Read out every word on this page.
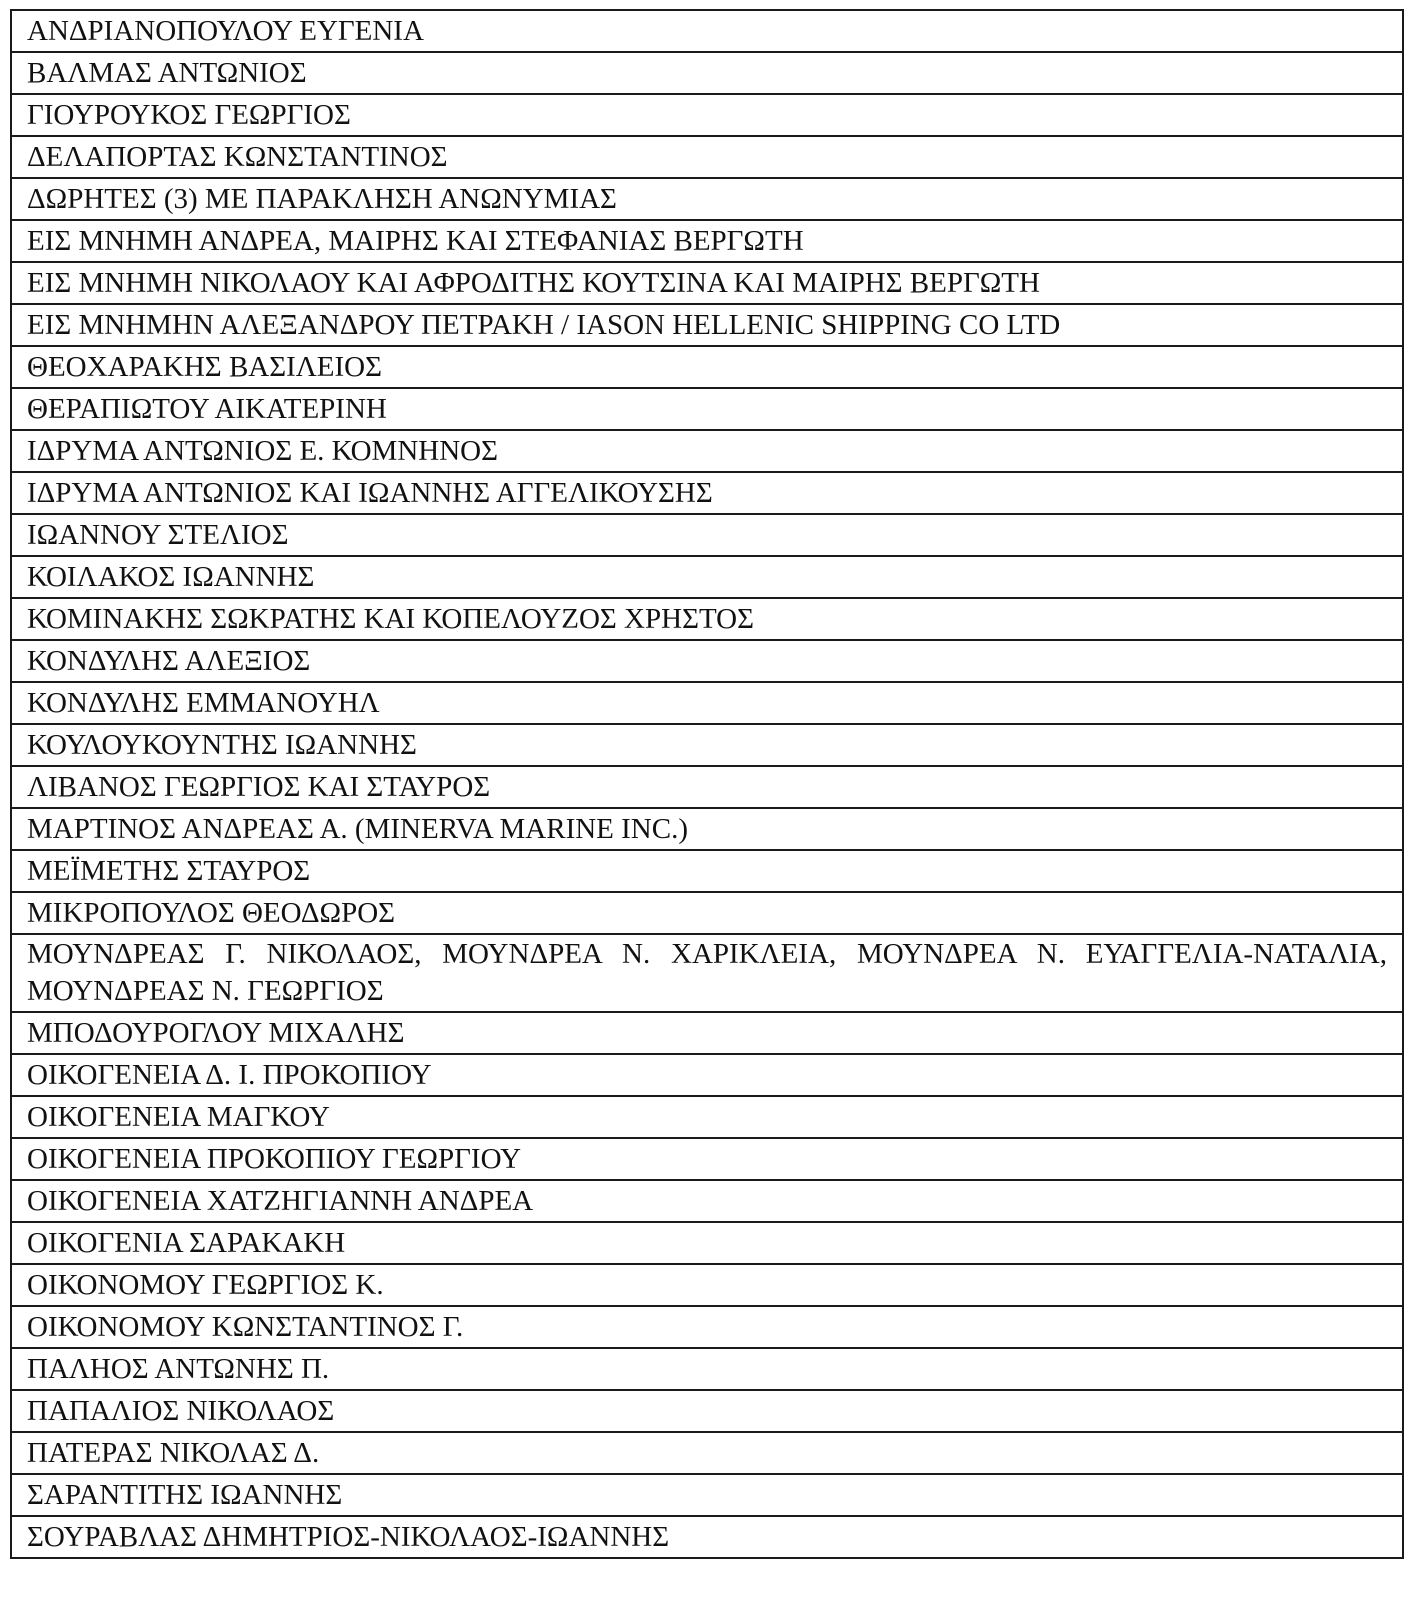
ΑΝΔΡΙΑΝΟΠΟΥΛΟΥ ΕΥΓΕΝΙΑ
ΒΑΛΜΑΣ ΑΝΤΩΝΙΟΣ
ΓΙΟΥΡΟΥΚΟΣ ΓΕΩΡΓΙΟΣ
ΔΕΛΑΠΟΡΤΑΣ ΚΩΝΣΤΑΝΤΙΝΟΣ
ΔΩΡΗΤΕΣ (3) ΜΕ ΠΑΡΑΚΛΗΣΗ ΑΝΩΝΥΜΙΑΣ
ΕΙΣ ΜΝΗΜΗ ΑΝΔΡΕΑ, ΜΑΙΡΗΣ ΚΑΙ ΣΤΕΦΑΝΙΑΣ ΒΕΡΓΩΤΗ
ΕΙΣ ΜΝΗΜΗ ΝΙΚΟΛΑΟΥ ΚΑΙ ΑΦΡΟΔΙΤΗΣ ΚΟΥΤΣΙΝΑ ΚΑΙ ΜΑΙΡΗΣ ΒΕΡΓΩΤΗ
ΕΙΣ ΜΝΗΜΗΝ ΑΛΕΞΑΝΔΡΟΥ ΠΕΤΡΑΚΗ / IASON HELLENIC SHIPPING CO LTD
ΘΕΟΧΑΡΑΚΗΣ ΒΑΣΙΛΕΙΟΣ
ΘΕΡΑΠΙΩΤΟΥ ΑΙΚΑΤΕΡΙΝΗ
ΙΔΡΥΜΑ ΑΝΤΩΝΙΟΣ Ε. ΚΟΜΝΗΝΟΣ
ΙΔΡΥΜΑ ΑΝΤΩΝΙΟΣ ΚΑΙ ΙΩΑΝΝΗΣ ΑΓΓΕΛΙΚΟΥΣΗΣ
ΙΩΑΝΝΟΥ ΣΤΕΛΙΟΣ
ΚΟΙΛΑΚΟΣ ΙΩΑΝΝΗΣ
ΚΟΜΙΝΑΚΗΣ ΣΩΚΡΑΤΗΣ ΚΑΙ ΚΟΠΕΛΟΥΖΟΣ ΧΡΗΣΤΟΣ
ΚΟΝΔΥΛΗΣ ΑΛΕΞΙΟΣ
ΚΟΝΔΥΛΗΣ ΕΜΜΑΝΟΥΗΛ
ΚΟΥΛΟΥΚΟΥΝΤΗΣ ΙΩΑΝΝΗΣ
ΛΙΒΑΝΟΣ ΓΕΩΡΓΙΟΣ ΚΑΙ ΣΤΑΥΡΟΣ
ΜΑΡΤΙΝΟΣ ΑΝΔΡΕΑΣ Α. (MINERVA MARINE INC.)
ΜΕΪΜΕΤΗΣ ΣΤΑΥΡΟΣ
ΜΙΚΡΟΠΟΥΛΟΣ ΘΕΟΔΩΡΟΣ
ΜΟΥΝΔΡΕΑΣ Γ. ΝΙΚΟΛΑΟΣ, ΜΟΥΝΔΡΕΑ Ν. ΧΑΡΙΚΛΕΙΑ, ΜΟΥΝΔΡΕΑ Ν. ΕΥΑΓΓΕΛΙΑ-ΝΑΤΑΛΙΑ, ΜΟΥΝΔΡΕΑΣ Ν. ΓΕΩΡΓΙΟΣ
ΜΠΟΔΟΥΡΟΓΛΟΥ ΜΙΧΑΛΗΣ
ΟΙΚΟΓΕΝΕΙΑ Δ. Ι. ΠΡΟΚΟΠΙΟΥ
ΟΙΚΟΓΕΝΕΙΑ ΜΑΓΚΟΥ
ΟΙΚΟΓΕΝΕΙΑ ΠΡΟΚΟΠΙΟΥ ΓΕΩΡΓΙΟΥ
ΟΙΚΟΓΕΝΕΙΑ ΧΑΤΖΗΓΙΑΝΝΗ ΑΝΔΡΕΑ
ΟΙΚΟΓΕΝΙΑ ΣΑΡΑΚΑΚΗ
ΟΙΚΟΝΟΜΟΥ ΓΕΩΡΓΙΟΣ Κ.
ΟΙΚΟΝΟΜΟΥ ΚΩΝΣΤΑΝΤΙΝΟΣ Γ.
ΠΑΛΗΟΣ ΑΝΤΩΝΗΣ Π.
ΠΑΠΑΛΙΟΣ ΝΙΚΟΛΑΟΣ
ΠΑΤΕΡΑΣ ΝΙΚΟΛΑΣ Δ.
ΣΑΡΑΝΤΙΤΗΣ ΙΩΑΝΝΗΣ
ΣΟΥΡΑΒΛΑΣ ΔΗΜΗΤΡΙΟΣ-ΝΙΚΟΛΑΟΣ-ΙΩΑΝΝΗΣ
